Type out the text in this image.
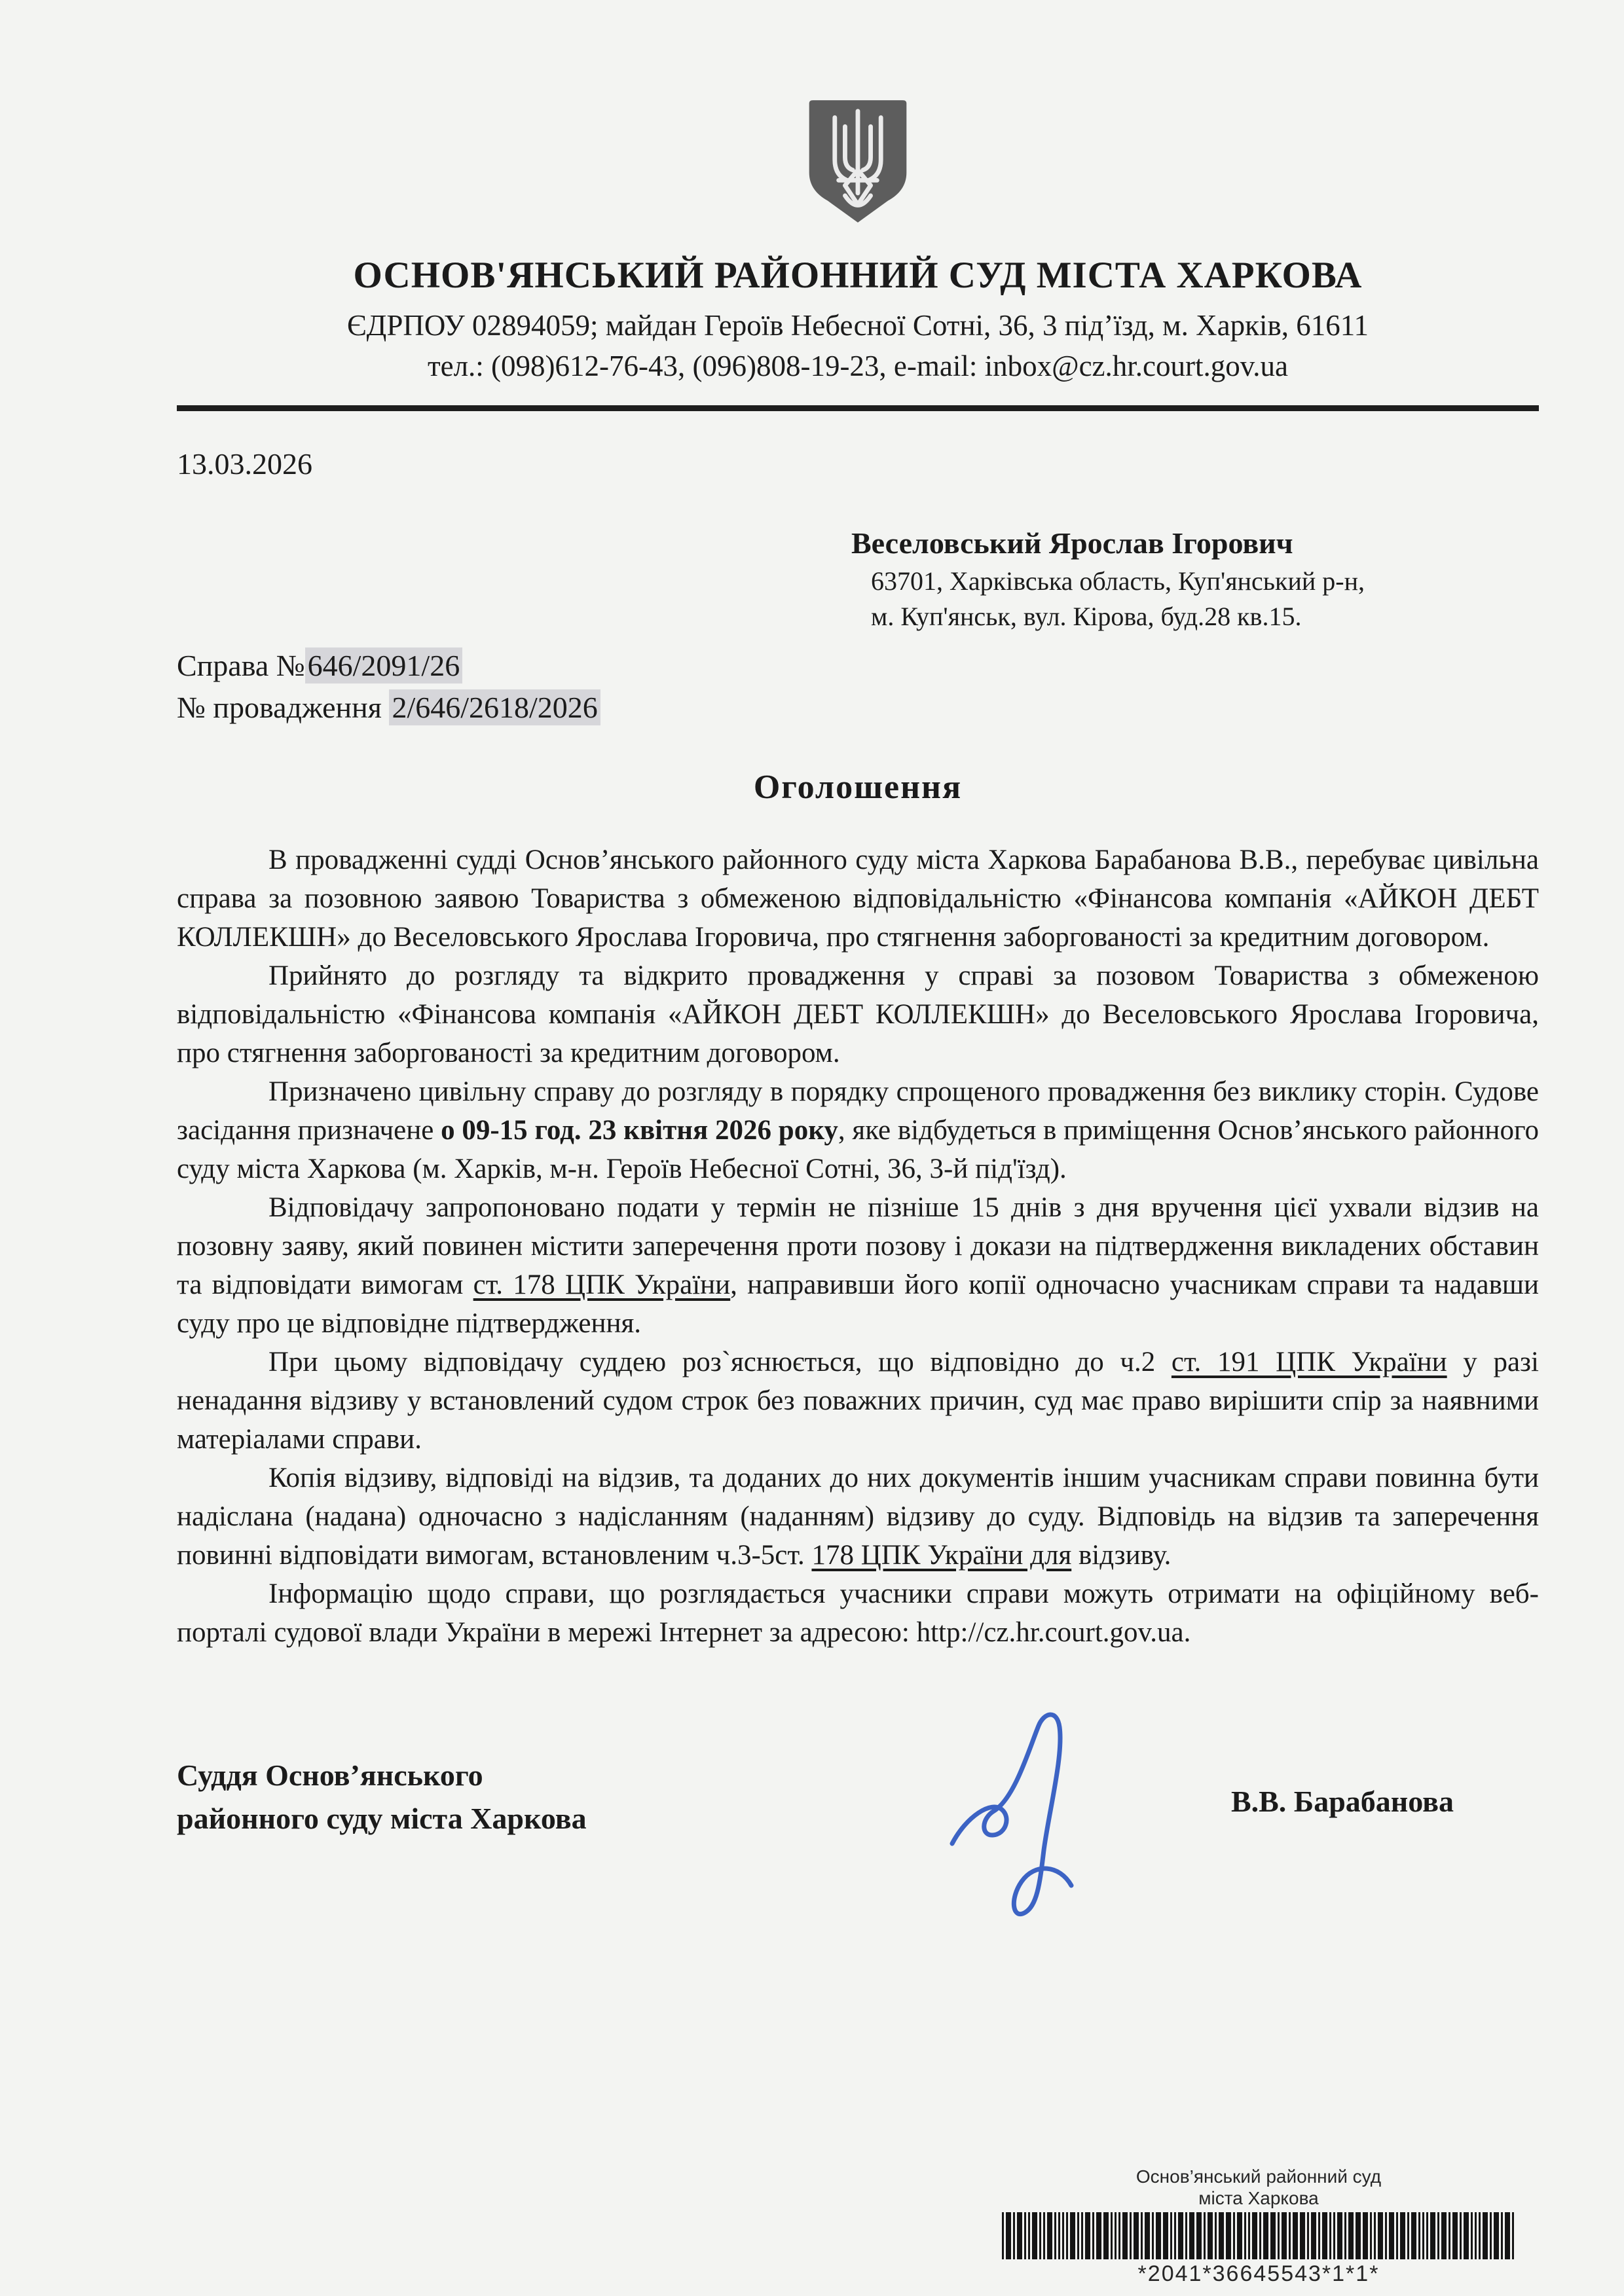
ОСНОВ'ЯНСЬКИЙ РАЙОННИЙ СУД МІСТА ХАРКОВА
ЄДРПОУ 02894059; майдан Героїв Небесної Сотні, 36, 3 під’їзд, м. Харків, 61611
тел.: (098)612-76-43, (096)808-19-23, e-mail: inbox@cz.hr.court.gov.ua
13.03.2026
Веселовський Ярослав Ігорович
63701, Харківська область, Куп'янський р-н,
м. Куп'янськ, вул. Кірова, буд.28 кв.15.
Справа №646/2091/26
№ провадження 2/646/2618/2026
Оголошення

В провадженні судді Основ’янського районного суду міста Харкова Барабанова В.В., перебуває цивільна справа за позовною заявою Товариства з обмеженою відповідальністю «Фінансова компанія «АЙКОН ДЕБТ КОЛЛЕКШН» до Веселовського Ярослава Ігоровича, про стягнення заборгованості за кредитним договором.

Прийнято до розгляду та відкрито провадження у справі за позовом Товариства з обмеженою відповідальністю «Фінансова компанія «АЙКОН ДЕБТ КОЛЛЕКШН» до Веселовського Ярослава Ігоровича, про стягнення заборгованості за кредитним договором.

Призначено цивільну справу до розгляду в порядку спрощеного провадження без виклику сторін. Судове засідання призначене о 09-15 год. 23 квітня 2026 року, яке відбудеться в приміщення Основ’янського районного суду міста Харкова (м. Харків, м-н. Героїв Небесної Сотні, 36, 3-й під'їзд).

Відповідачу запропоновано подати у термін не пізніше 15 днів з дня вручення цієї ухвали відзив на позовну заяву, який повинен містити заперечення проти позову і докази на підтвердження викладених обставин та відповідати вимогам ст. 178 ЦПК України, направивши його копії одночасно учасникам справи та надавши суду про це відповідне підтвердження.

При цьому відповідачу суддею роз`яснюється, що відповідно до ч.2 ст. 191 ЦПК України у разі ненадання відзиву у встановлений судом строк без поважних причин, суд має право вирішити спір за наявними матеріалами справи.

Копія відзиву, відповіді на відзив, та доданих до них документів іншим учасникам справи повинна бути надіслана (надана) одночасно з надісланням (наданням) відзиву до суду. Відповідь на відзив та заперечення повинні відповідати вимогам, встановленим ч.3-5ст. 178 ЦПК України для відзиву.

Інформацію щодо справи, що розглядається учасники справи можуть отримати на офіційному веб-порталі судової влади України в мережі Інтернет за адресою: http://cz.hr.court.gov.ua.

Суддя Основ’янського
районного суду міста Харкова
В.В. Барабанова
Основ’янський районний суд
міста Харкова
*2041*36645543*1*1*
